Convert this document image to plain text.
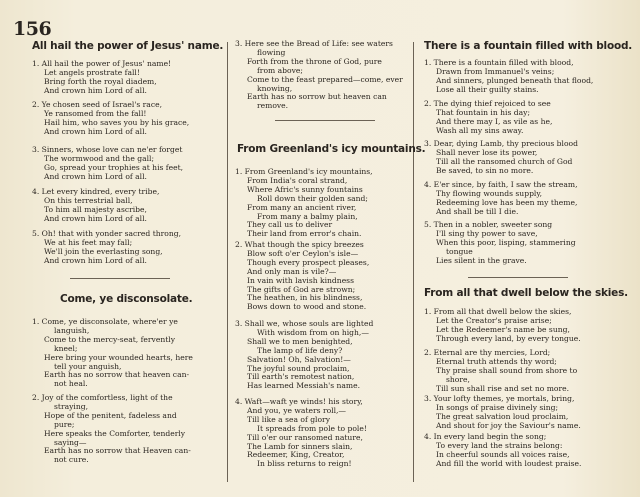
156
All hail the power of Jesus' name.
1. All hail the power of Jesus' name!
Let angels prostrate fall!
Bring forth the royal diadem,
And crown him Lord of all.
2. Ye chosen seed of Israel's race,
Ye ransomed from the fall!
Hail him, who saves you by his grace,
And crown him Lord of all.
3. Sinners, whose love can ne'er forget
The wormwood and the gall;
Go, spread your trophies at his feet,
And crown him Lord of all.
4. Let every kindred, every tribe,
On this terrestrial ball,
To him all majesty ascribe,
And crown him Lord of all.
5. Oh! that with yonder sacred throng,
We at his feet may fall;
We'll join the everlasting song,
And crown him Lord of all.
Come, ye disconsolate.
1. Come, ye disconsolate, where'er ye
languish,
Come to the mercy-seat, fervently
kneel;
Here bring your wounded hearts, here
tell your anguish,
Earth has no sorrow that heaven can-
not heal.
2. Joy of the comfortless, light of the
straying,
Hope of the penitent, fadeless and
pure;
Here speaks the Comforter, tenderly
saying—
Earth has no sorrow that Heaven can-
not cure.
3. Here see the Bread of Life: see waters
flowing
Forth from the throne of God, pure
from above;
Come to the feast prepared—come, ever
knowing,
Earth has no sorrow but heaven can
remove.
From Greenland's icy mountains.
1. From Greenland's icy mountains,
From India's coral strand,
Where Afric's sunny fountains
Roll down their golden sand;
From many an ancient river,
From many a balmy plain,
They call us to deliver
Their land from error's chain.
2. What though the spicy breezes
Blow soft o'er Ceylon's isle—
Though every prospect pleases,
And only man is vile?—
In vain with lavish kindness
The gifts of God are strown;
The heathen, in his blindness,
Bows down to wood and stone.
3. Shall we, whose souls are lighted
With wisdom from on high,—
Shall we to men benighted,
The lamp of life deny?
Salvation! Oh, Salvation!—
The joyful sound proclaim,
Till earth's remotest nation,
Has learned Messiah's name.
4. Waft—waft ye winds! his story,
And you, ye waters roll,—
Till like a sea of glory
It spreads from pole to pole!
Till o'er our ransomed nature,
The Lamb for sinners slain,
Redeemer, King, Creator,
In bliss returns to reign!
There is a fountain filled with blood.
1. There is a fountain filled with blood,
Drawn from Immanuel's veins;
And sinners, plunged beneath that flood,
Lose all their guilty stains.
2. The dying thief rejoiced to see
That fountain in his day;
And there may I, as vile as he,
Wash all my sins away.
3. Dear, dying Lamb, thy precious blood
Shall never lose its power,
Till all the ransomed church of God
Be saved, to sin no more.
4. E'er since, by faith, I saw the stream,
Thy flowing wounds supply,
Redeeming love has been my theme,
And shall be till I die.
5. Then in a nobler, sweeter song
I'll sing thy power to save,
When this poor, lisping, stammering
tongue
Lies silent in the grave.
From all that dwell below the skies.
1. From all that dwell below the skies,
Let the Creator's praise arise;
Let the Redeemer's name be sung,
Through every land, by every tongue.
2. Eternal are thy mercies, Lord;
Eternal truth attends thy word;
Thy praise shall sound from shore to
shore,
Till sun shall rise and set no more.
3. Your lofty themes, ye mortals, bring,
In songs of praise divinely sing;
The great salvation loud proclaim,
And shout for joy the Saviour's name.
4. In every land begin the song;
To every land the strains belong:
In cheerful sounds all voices raise,
And fill the world with loudest praise.
